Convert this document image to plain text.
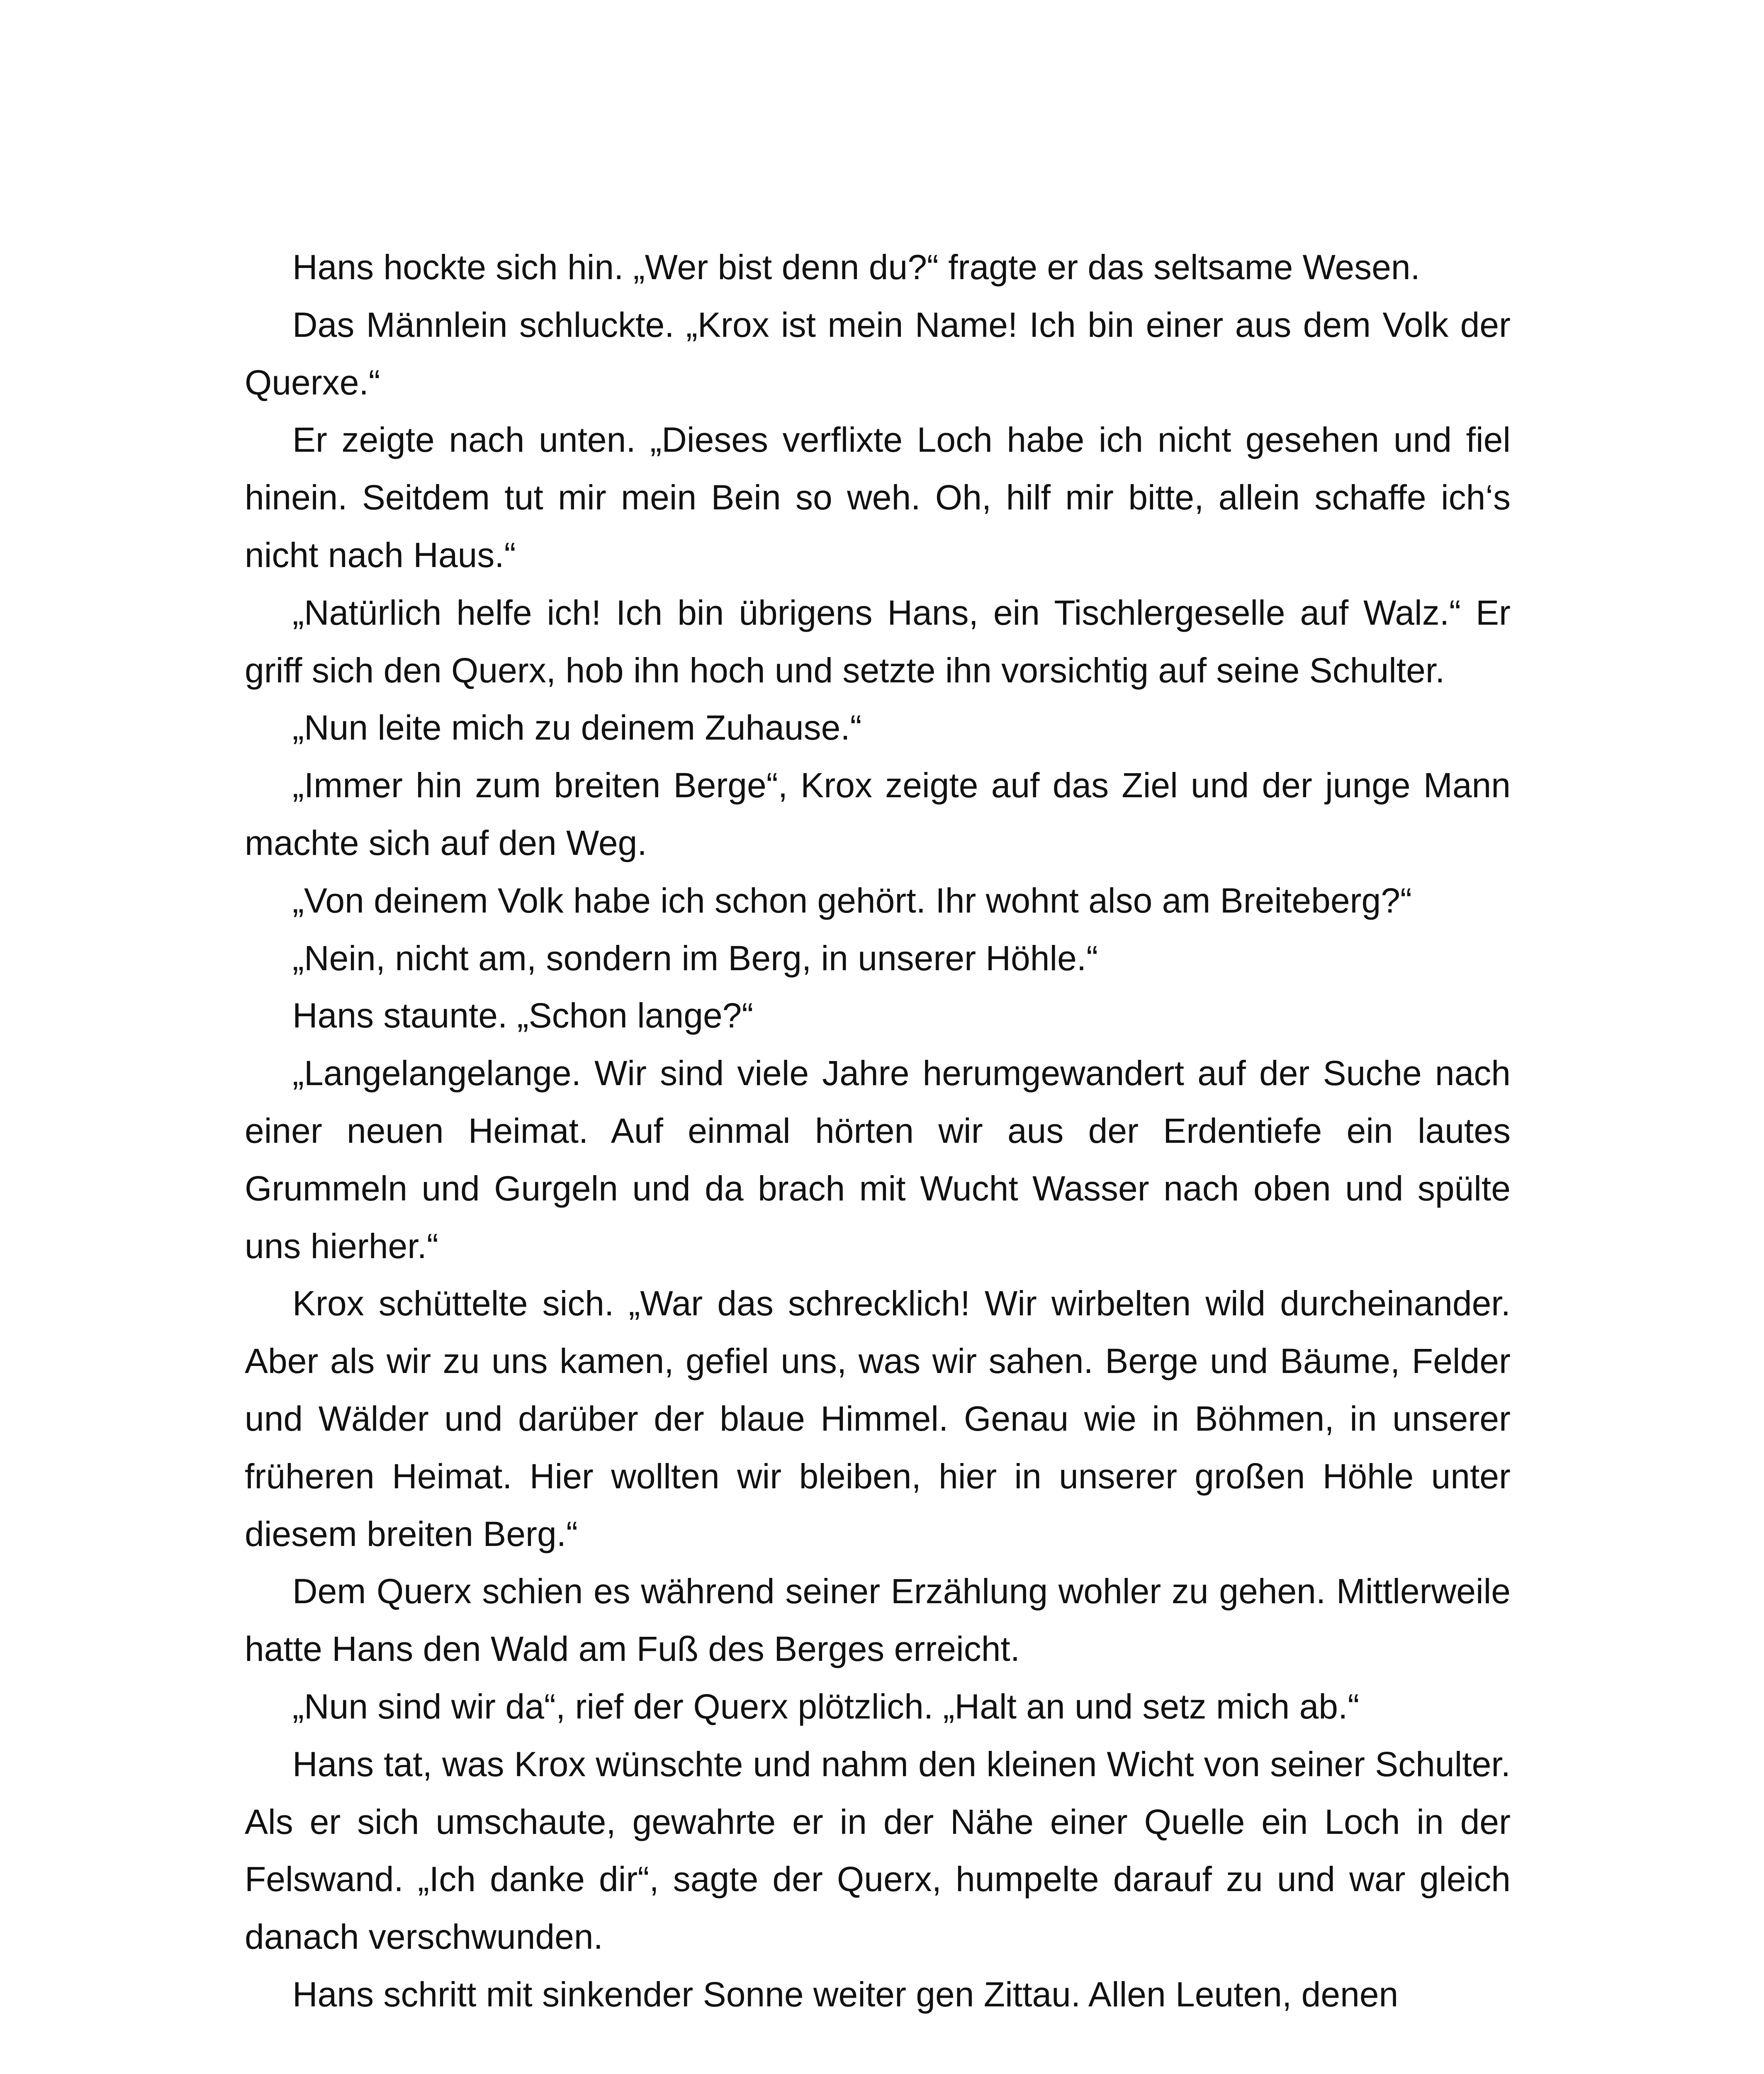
Hans hockte sich hin. „Wer bist denn du?“ fragte er das seltsame Wesen.

Das Männlein schluckte. „Krox ist mein Name! Ich bin einer aus dem Volk der Querxe.“

Er zeigte nach unten. „Dieses verflixte Loch habe ich nicht gesehen und fiel hinein. Seitdem tut mir mein Bein so weh. Oh, hilf mir bitte, allein schaffe ich‘s nicht nach Haus.“

„Natürlich helfe ich! Ich bin übrigens Hans, ein Tischlergeselle auf Walz.“ Er griff sich den Querx, hob ihn hoch und setzte ihn vorsichtig auf seine Schulter.

„Nun leite mich zu deinem Zuhause.“

„Immer hin zum breiten Berge“, Krox zeigte auf das Ziel und der junge Mann machte sich auf den Weg.

„Von deinem Volk habe ich schon gehört. Ihr wohnt also am Breiteberg?“

„Nein, nicht am, sondern im Berg, in unserer Höhle.“

Hans staunte. „Schon lange?“

„Langelangelange. Wir sind viele Jahre herumgewandert auf der Suche nach einer neuen Heimat. Auf einmal hörten wir aus der Erdentiefe ein lautes Grummeln und Gurgeln und da brach mit Wucht Wasser nach oben und spülte uns hierher.“

Krox schüttelte sich. „War das schrecklich! Wir wirbelten wild durcheinander. Aber als wir zu uns kamen, gefiel uns, was wir sahen. Berge und Bäume, Felder und Wälder und darüber der blaue Himmel. Genau wie in Böhmen, in unserer früheren Heimat. Hier wollten wir bleiben, hier in unserer großen Höhle unter diesem breiten Berg.“

Dem Querx schien es während seiner Erzählung wohler zu gehen. Mittlerweile hatte Hans den Wald am Fuß des Berges erreicht.

„Nun sind wir da“, rief der Querx plötzlich. „Halt an und setz mich ab.“

Hans tat, was Krox wünschte und nahm den kleinen Wicht von seiner Schulter. Als er sich umschaute, gewahrte er in der Nähe einer Quelle ein Loch in der Felswand. „Ich danke dir“, sagte der Querx, humpelte darauf zu und war gleich danach verschwunden.

Hans schritt mit sinkender Sonne weiter gen Zittau. Allen Leuten, denen
